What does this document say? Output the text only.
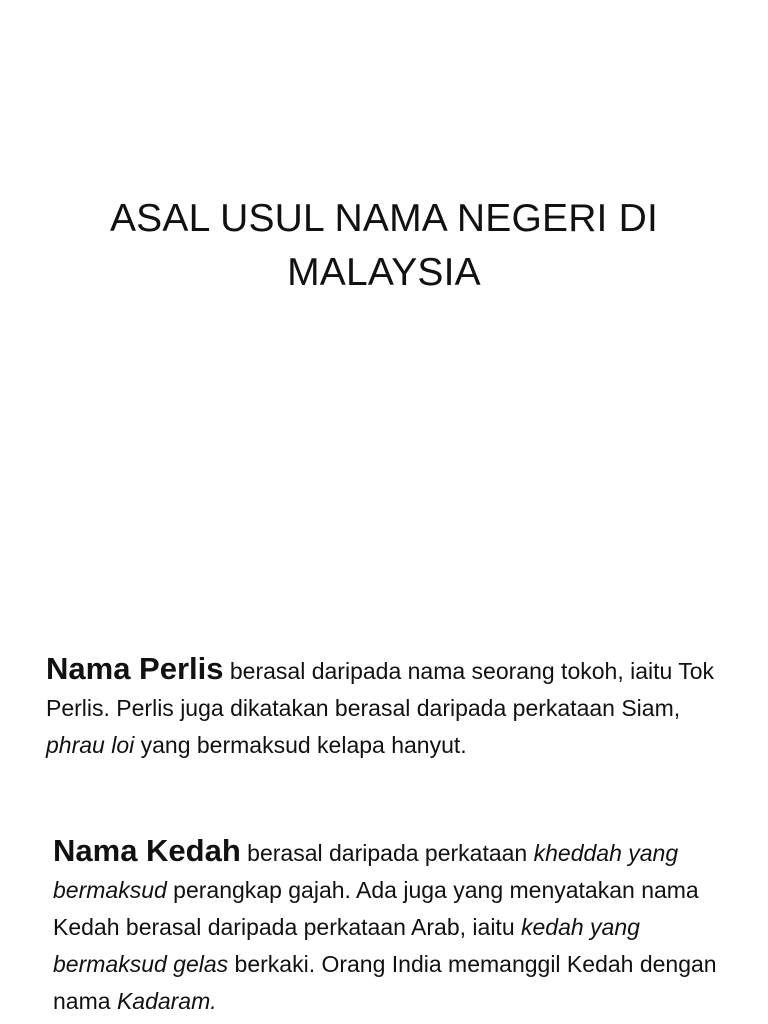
ASAL USUL NAMA NEGERI DI MALAYSIA

Nama Perlis berasal daripada nama seorang tokoh, iaitu Tok Perlis. Perlis juga dikatakan berasal daripada perkataan Siam, phrau loi yang bermaksud kelapa hanyut.

Nama Kedah berasal daripada perkataan kheddah yang bermaksud perangkap gajah. Ada juga yang menyatakan nama Kedah berasal daripada perkataan Arab, iaitu kedah yang bermaksud gelas berkaki. Orang India memanggil Kedah dengan nama Kadaram.
